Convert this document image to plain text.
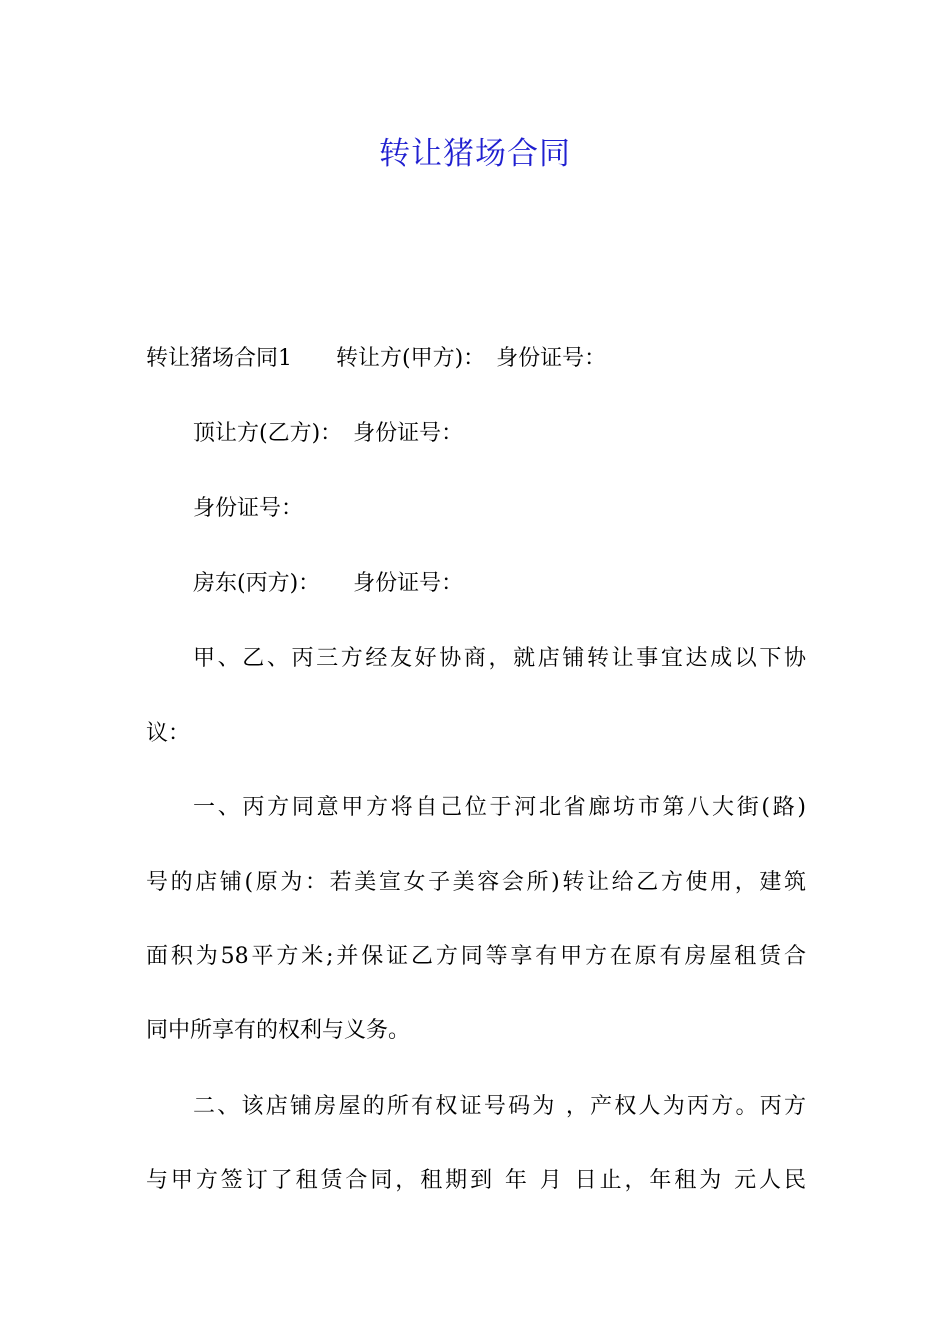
转让猪场合同
转让猪场合同1　　转让方(甲方)：　身份证号：
顶让方(乙方)：　身份证号：
身份证号：
房东(丙方)：　　身份证号：
甲、乙、丙三方经友好协商，就店铺转让事宜达成以下协
议：
一、丙方同意甲方将自己位于河北省廊坊市第八大街(路)
号的店铺(原为：若美宣女子美容会所)转让给乙方使用，建筑
面积为58平方米;并保证乙方同等享有甲方在原有房屋租赁合
同中所享有的权利与义务。
二、该店铺房屋的所有权证号码为 ，产权人为丙方。丙方
与甲方签订了租赁合同，租期到 年 月 日止，年租为 元人民
